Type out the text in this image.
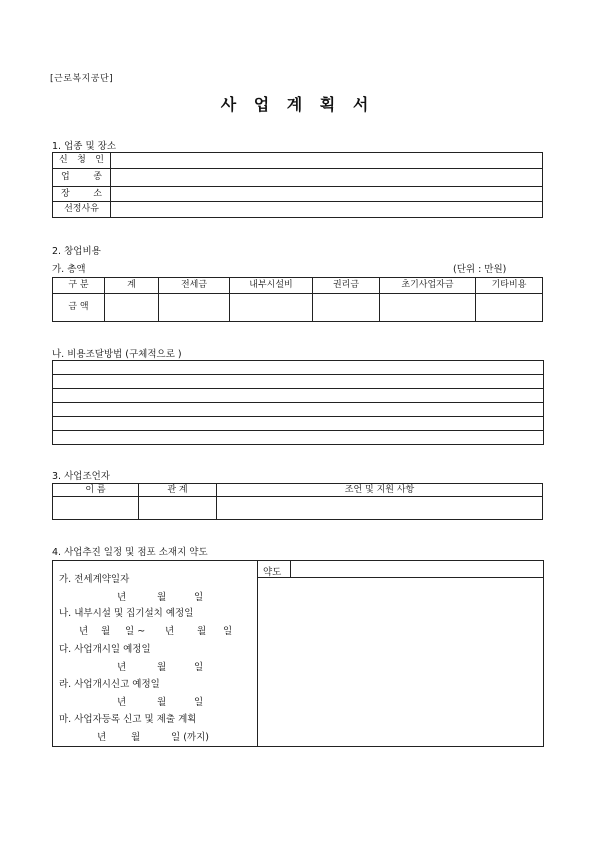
[근로복지공단]
사 업 계 획 서
1. 업종 및 장소
신 청 인	

업 종	

장 소	

선정사유	
2. 창업비용
가. 총액	(단위 : 만원)
구 분	계	전세금	내부시설비	권리금	초기사업자금	기타비용
금 액						
나. 비용조달방법 (구체적으로 )
3. 사업조언자
이 름	관 계	조언 및 지원 사항

4. 사업추진 일정 및 점포 소재지 약도
약도
가. 전세계약일자
년	월	일
나. 내부시설 및 집기설치 예정일
년 월 일 ~ 년 월 일
다. 사업개시일 예정일
년	월	일
라. 사업개시신고 예정일
년	월	일
마. 사업자등록 신고 및 제출 계획
년	월	일 (까지)
